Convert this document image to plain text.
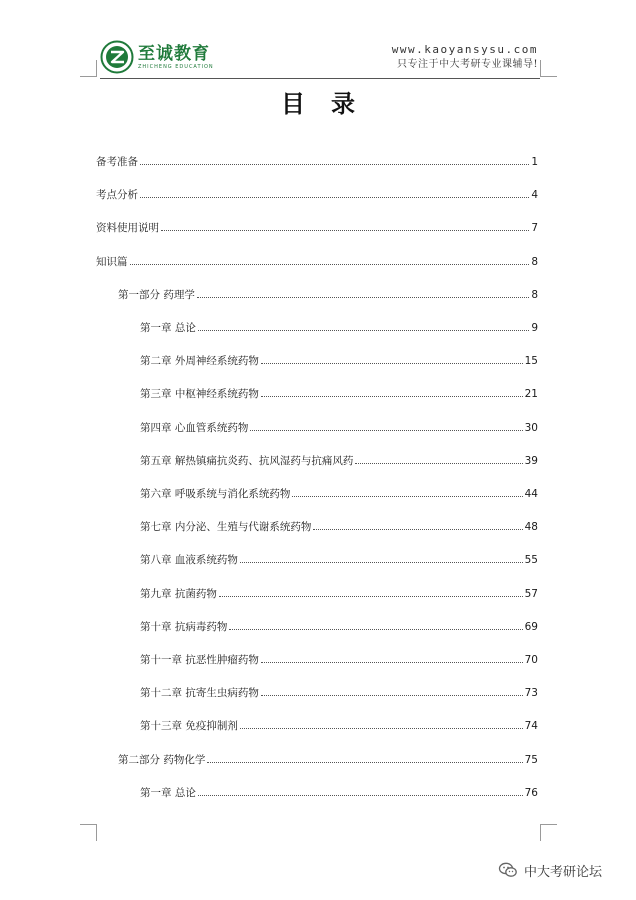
至诚教育
ZHICHENG EDUCATION
www.kaoyansysu.com
只专注于中大考研专业课辅导!
目录
备考准备	1
考点分析	4
资料使用说明	7
知识篇	8
第一部分 药理学	8
第一章 总论	9
第二章 外周神经系统药物	15
第三章 中枢神经系统药物	21
第四章 心血管系统药物	30
第五章 解热镇痛抗炎药、抗风湿药与抗痛风药	39
第六章 呼吸系统与消化系统药物	44
第七章 内分泌、生殖与代谢系统药物	48
第八章 血液系统药物	55
第九章 抗菌药物	57
第十章 抗病毒药物	69
第十一章 抗恶性肿瘤药物	70
第十二章 抗寄生虫病药物	73
第十三章 免疫抑制剂	74
第二部分 药物化学	75
第一章 总论	76
中大考研论坛
